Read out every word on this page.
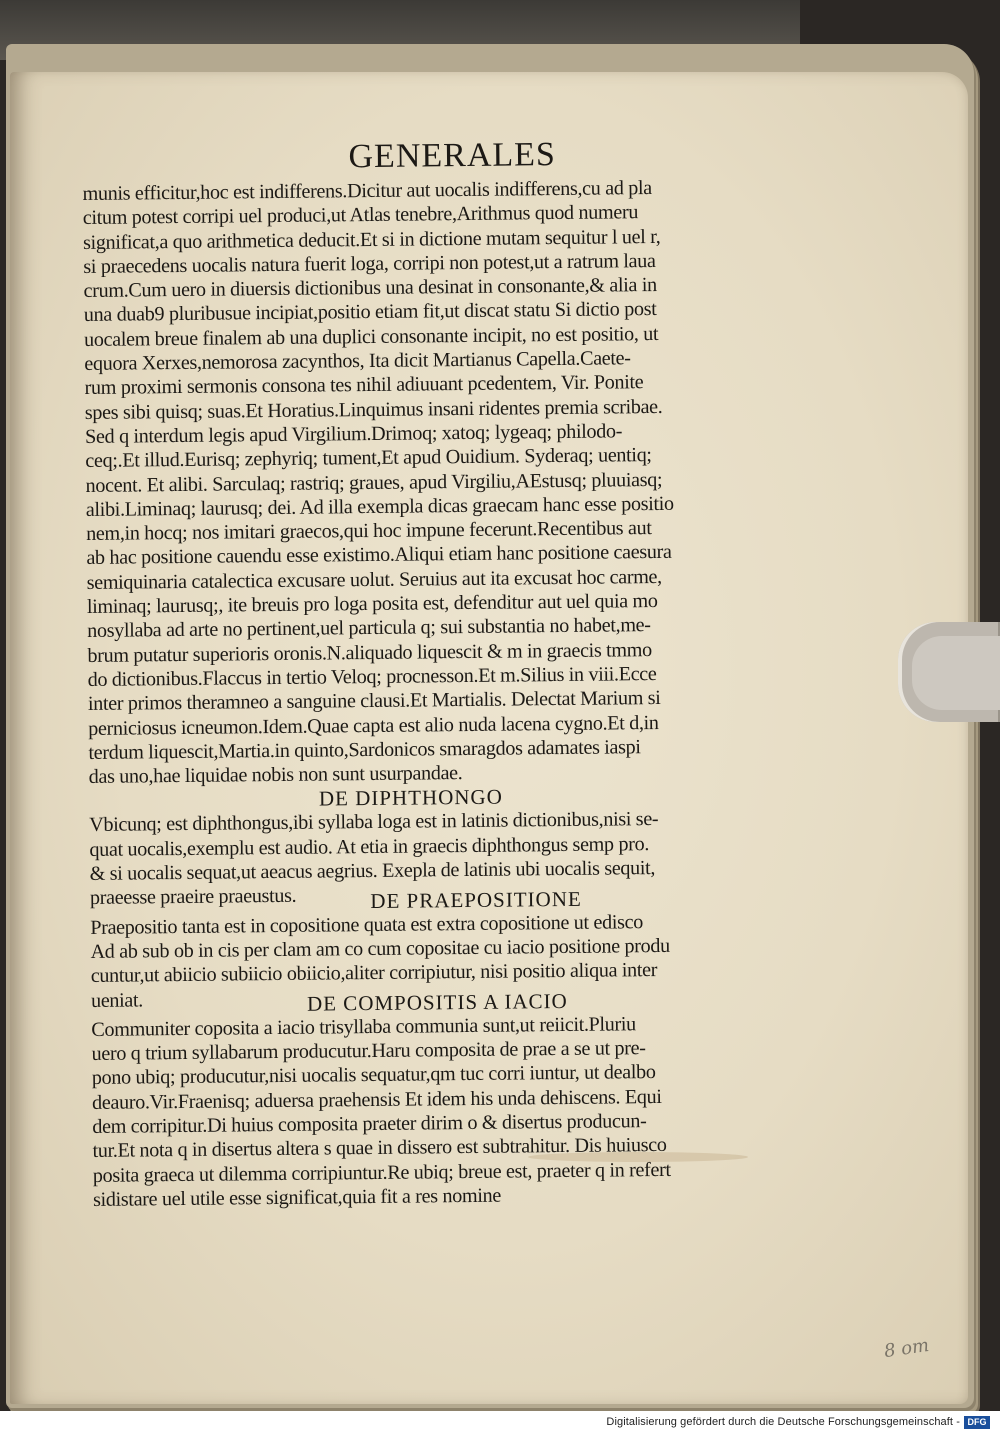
GENERALES
munis efficitur,hoc est indifferens.Dicitur aut uocalis indifferens,cu ad pla
citum potest corripi uel produci,ut Atlas tenebre,Arithmus quod numeru
significat,a quo arithmetica deducit.Et si in dictione mutam sequitur l uel r,
si praecedens uocalis natura fuerit loga, corripi non potest,ut a ratrum laua
crum.Cum uero in diuersis dictionibus una desinat in consonante,& alia in
una duab9 pluribusue incipiat,positio etiam fit,ut discat statu Si dictio post
uocalem breue finalem ab una duplici consonante incipit, no est positio, ut
equora Xerxes,nemorosa zacynthos, Ita dicit Martianus Capella.Caete-
rum proximi sermonis consona tes nihil adiuuant pcedentem, Vir. Ponite
spes sibi quisq; suas.Et Horatius.Linquimus insani ridentes premia scribae.
Sed q interdum legis apud Virgilium.Drimoq; xatoq; lygeaq; philodo-
ceq;.Et illud.Eurisq; zephyriq; tument,Et apud Ouidium. Syderaq; uentiq;
nocent. Et alibi. Sarculaq; rastriq; graues, apud Virgiliu,AEstusq; pluuiasq;
alibi.Liminaq; laurusq; dei. Ad illa exempla dicas graecam hanc esse positio
nem,in hocq; nos imitari graecos,qui hoc impune fecerunt.Recentibus aut
ab hac positione cauendu esse existimo.Aliqui etiam hanc positione caesura
semiquinaria catalectica excusare uolut. Seruius aut ita excusat hoc carme,
liminaq; laurusq;, ite breuis pro loga posita est, defenditur aut uel quia mo
nosyllaba ad arte no pertinent,uel particula q; sui substantia no habet,me-
brum putatur superioris oronis.N.aliquado liquescit & m in graecis tmmo
do dictionibus.Flaccus in tertio Veloq; procnesson.Et m.Silius in viii.Ecce
inter primos theramneo a sanguine clausi.Et Martialis. Delectat Marium si
perniciosus icneumon.Idem.Quae capta est alio nuda lacena cygno.Et d,in
terdum liquescit,Martia.in quinto,Sardonicos smaragdos adamates iaspi
das uno,hae liquidae nobis non sunt usurpandae.
DE DIPHTHONGO
Vbicunq; est diphthongus,ibi syllaba loga est in latinis dictionibus,nisi se-
quat uocalis,exemplu est audio. At etia in graecis diphthongus semp pro.
& si uocalis sequat,ut aeacus aegrius. Exepla de latinis ubi uocalis sequit,
praeesse praeire praeustus.	DE PRAEPOSITIONE
Praepositio tanta est in copositione quata est extra copositione ut edisco
Ad ab sub ob in cis per clam am co cum copositae cu iacio positione produ
cuntur,ut abiicio subiicio obiicio,aliter corripiutur, nisi positio aliqua inter
ueniat.	DE COMPOSITIS A IACIO
Communiter coposita a iacio trisyllaba communia sunt,ut reiicit.Pluriu
uero q trium syllabarum producutur.Haru composita de prae a se ut pre-
pono ubiq; producutur,nisi uocalis sequatur,qm tuc corri iuntur, ut dealbo
deauro.Vir.Fraenisq; aduersa praehensis Et idem his unda dehiscens. Equi
dem corripitur.Di huius composita praeter dirim o & disertus producun-
tur.Et nota q in disertus altera s quae in dissero est subtrahitur. Dis huiusco
posita graeca ut dilemma corripiuntur.Re ubiq; breue est, praeter q in refert
sidistare uel utile esse significat,quia fit a res nomine
8 om
Digitalisierung gefördert durch die Deutsche Forschungsgemeinschaft - DFG
